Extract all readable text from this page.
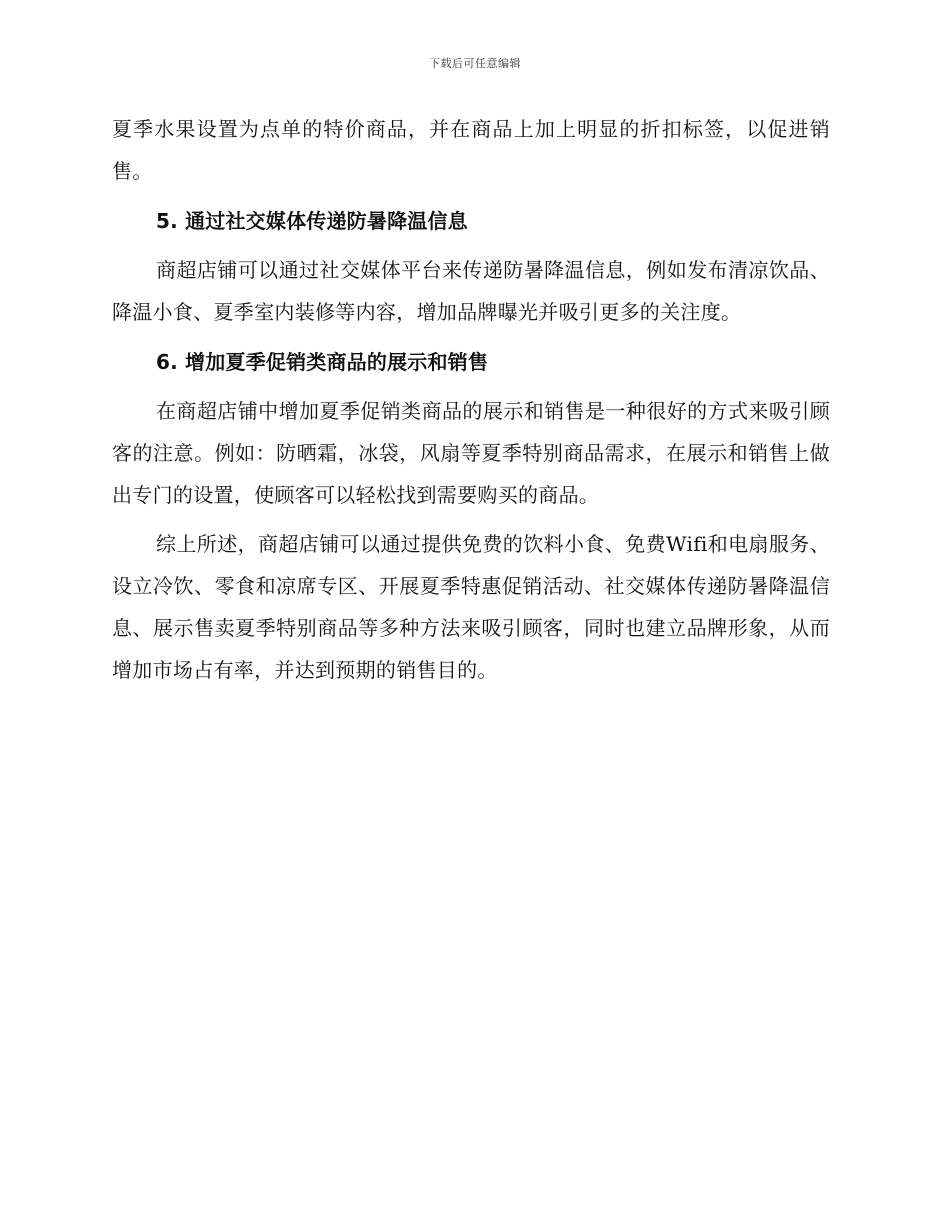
下载后可任意编辑

夏季水果设置为点单的特价商品，并在商品上加上明显的折扣标签，以促进销售。

5. 通过社交媒体传递防暑降温信息

商超店铺可以通过社交媒体平台来传递防暑降温信息，例如发布清凉饮品、降温小食、夏季室内装修等内容，增加品牌曝光并吸引更多的关注度。

6. 增加夏季促销类商品的展示和销售

在商超店铺中增加夏季促销类商品的展示和销售是一种很好的方式来吸引顾客的注意。例如：防晒霜，冰袋，风扇等夏季特别商品需求，在展示和销售上做出专门的设置，使顾客可以轻松找到需要购买的商品。

综上所述，商超店铺可以通过提供免费的饮料小食、免费Wifi和电扇服务、设立冷饮、零食和凉席专区、开展夏季特惠促销活动、社交媒体传递防暑降温信息、展示售卖夏季特别商品等多种方法来吸引顾客，同时也建立品牌形象，从而增加市场占有率，并达到预期的销售目的。
